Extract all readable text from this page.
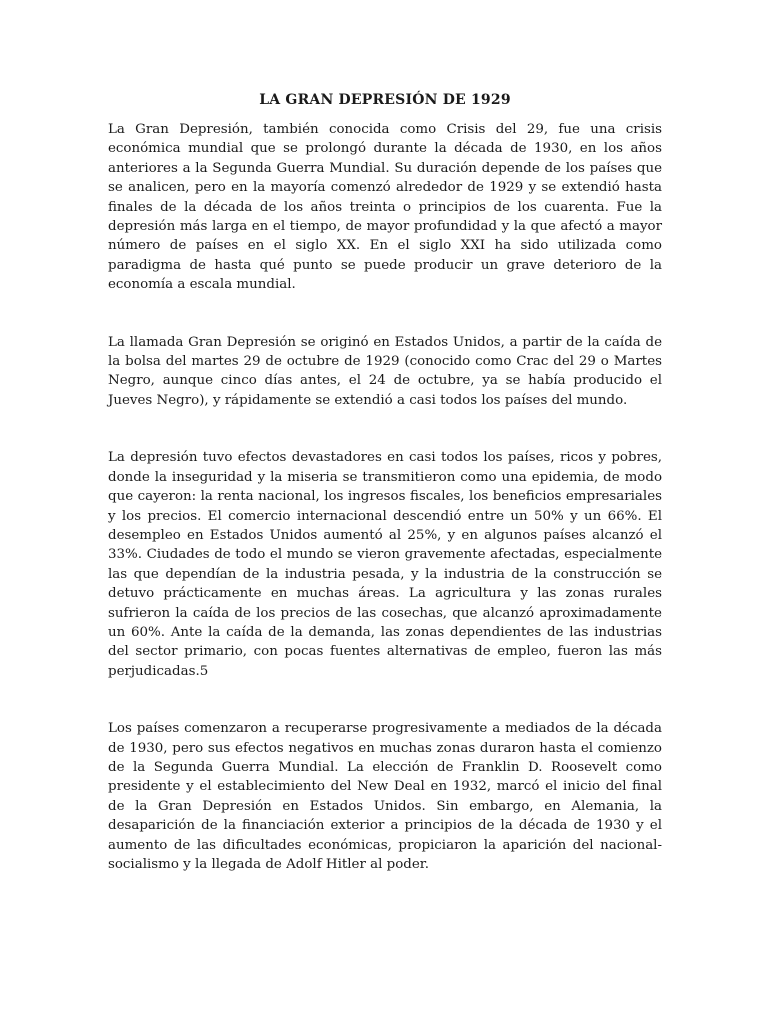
LA GRAN DEPRESIÓN DE 1929

La Gran Depresión, también conocida como Crisis del 29, fue una crisis económica mundial que se prolongó durante la década de 1930, en los años anteriores a la Segunda Guerra Mundial. Su duración depende de los países que se analicen, pero en la mayoría comenzó alrededor de 1929 y se extendió hasta finales de la década de los años treinta o principios de los cuarenta. Fue la depresión más larga en el tiempo, de mayor profundidad y la que afectó a mayor número de países en el siglo XX. En el siglo XXI ha sido utilizada como paradigma de hasta qué punto se puede producir un grave deterioro de la economía a escala mundial.

La llamada Gran Depresión se originó en Estados Unidos, a partir de la caída de la bolsa del martes 29 de octubre de 1929 (conocido como Crac del 29 o Martes Negro, aunque cinco días antes, el 24 de octubre, ya se había producido el Jueves Negro), y rápidamente se extendió a casi todos los países del mundo.

La depresión tuvo efectos devastadores en casi todos los países, ricos y pobres, donde la inseguridad y la miseria se transmitieron como una epidemia, de modo que cayeron: la renta nacional, los ingresos fiscales, los beneficios empresariales y los precios. El comercio internacional descendió entre un 50% y un 66%. El desempleo en Estados Unidos aumentó al 25%, y en algunos países alcanzó el 33%. Ciudades de todo el mundo se vieron gravemente afectadas, especialmente las que dependían de la industria pesada, y la industria de la construcción se detuvo prácticamente en muchas áreas. La agricultura y las zonas rurales sufrieron la caída de los precios de las cosechas, que alcanzó aproximadamente un 60%. Ante la caída de la demanda, las zonas dependientes de las industrias del sector primario, con pocas fuentes alternativas de empleo, fueron las más perjudicadas.5

Los países comenzaron a recuperarse progresivamente a mediados de la década de 1930, pero sus efectos negativos en muchas zonas duraron hasta el comienzo de la Segunda Guerra Mundial. La elección de Franklin D. Roosevelt como presidente y el establecimiento del New Deal en 1932, marcó el inicio del final de la Gran Depresión en Estados Unidos. Sin embargo, en Alemania, la desaparición de la financiación exterior a principios de la década de 1930 y el aumento de las dificultades económicas, propiciaron la aparición del nacional-socialismo y la llegada de Adolf Hitler al poder.
